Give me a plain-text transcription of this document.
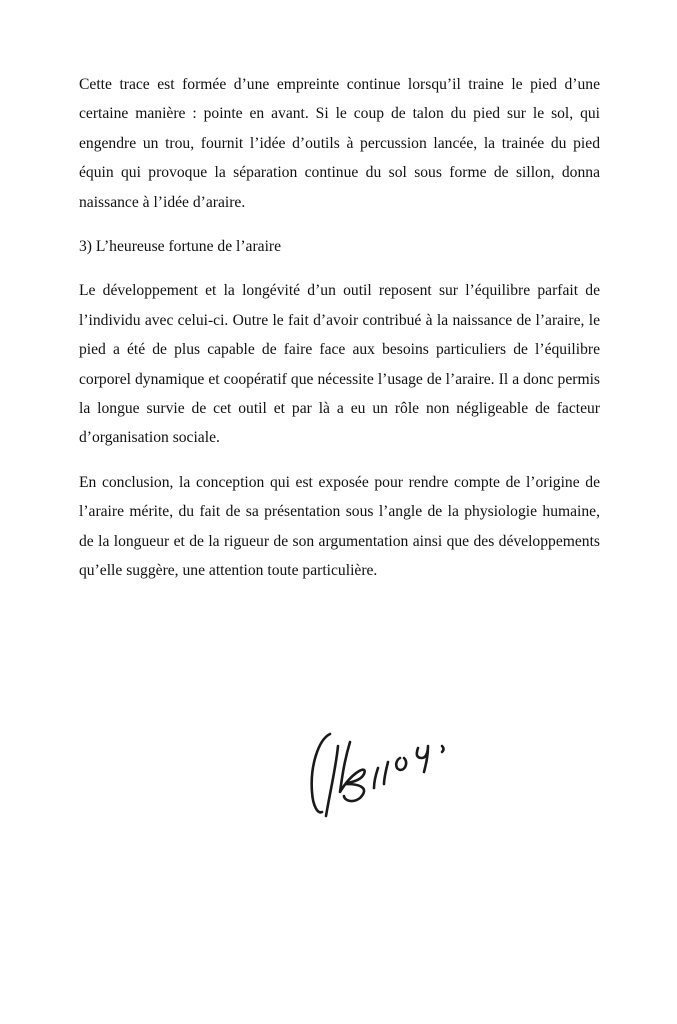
Cette trace est formée d’une empreinte continue lorsqu’il traine le pied d’une certaine manière : pointe en avant. Si le coup de talon du pied sur le sol, qui engendre un trou, fournit l’idée d’outils à percussion lancée, la trainée du pied équin qui provoque la séparation continue du sol sous forme de sillon, donna naissance à l’idée d’araire.

3) L’heureuse fortune de l’araire

Le développement et la longévité d’un outil reposent sur l’équilibre parfait de l’individu avec celui-ci. Outre le fait d’avoir contribué à la naissance de l’araire, le pied a été de plus capable de faire face aux besoins particuliers de l’équilibre corporel dynamique et coopératif que nécessite l’usage de l’araire. Il a donc permis la longue survie de cet outil et par là a eu un rôle non négligeable de facteur d’organisation sociale.

En conclusion, la conception qui est exposée pour rendre compte de l’origine de l’araire mérite, du fait de sa présentation sous l’angle de la physiologie humaine, de la longueur et de la rigueur de son argumentation ainsi que des développements qu’elle suggère, une attention toute particulière.
